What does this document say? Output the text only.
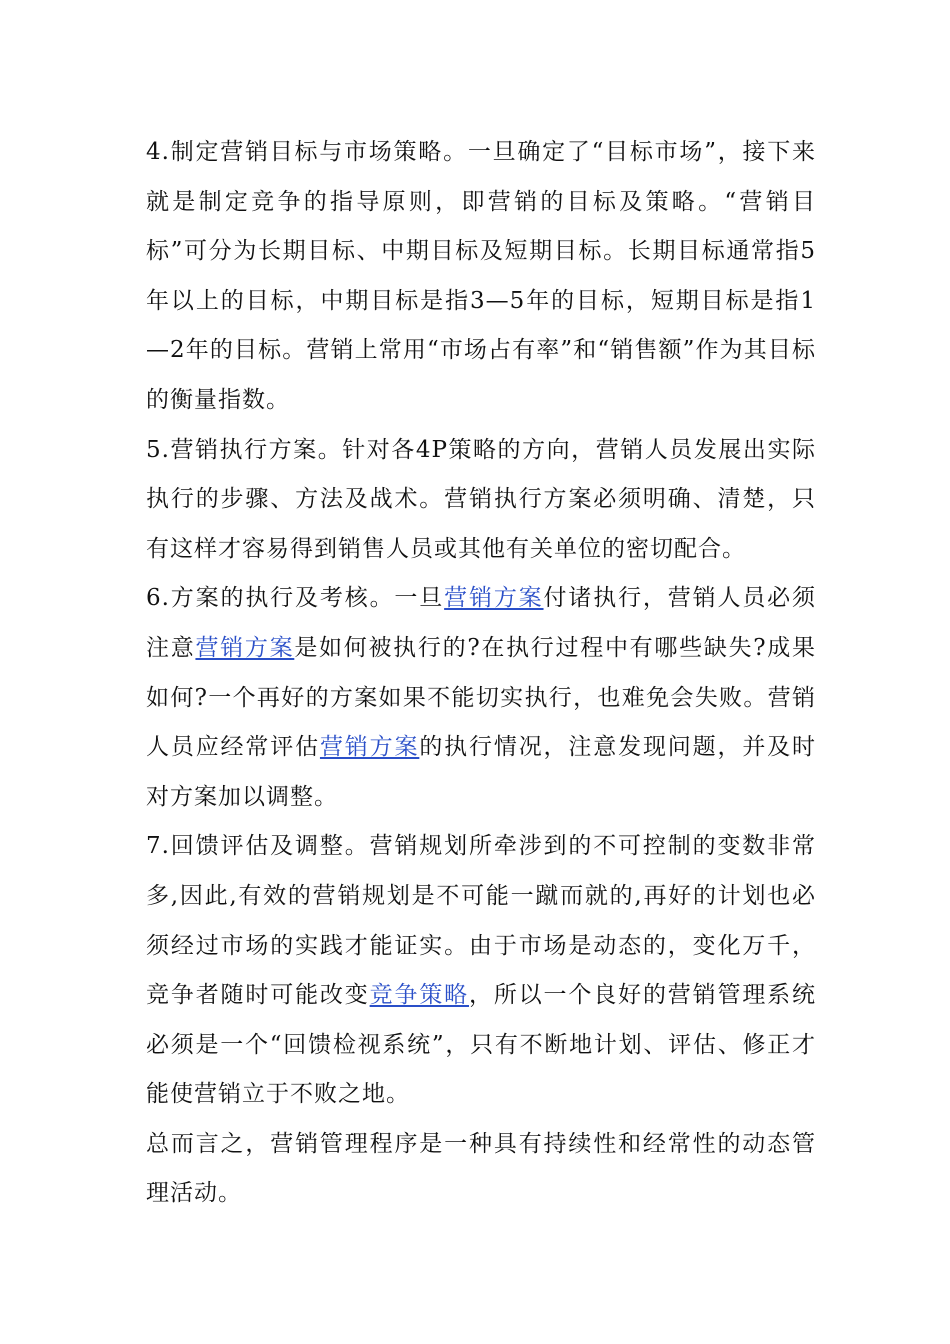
4.制定营销目标与市场策略。一旦确定了“目标市场”，接下来就是制定竞争的指导原则，即营销的目标及策略。“营销目标”可分为长期目标、中期目标及短期目标。长期目标通常指5年以上的目标，中期目标是指3—5年的目标，短期目标是指1—2年的目标。营销上常用“市场占有率”和“销售额”作为其目标的衡量指数。

5.营销执行方案。针对各4P策略的方向，营销人员发展出实际执行的步骤、方法及战术。营销执行方案必须明确、清楚，只有这样才容易得到销售人员或其他有关单位的密切配合。

6.方案的执行及考核。一旦营销方案付诸执行，营销人员必须注意营销方案是如何被执行的?在执行过程中有哪些缺失?成果如何?一个再好的方案如果不能切实执行，也难免会失败。营销人员应经常评估营销方案的执行情况，注意发现问题，并及时对方案加以调整。

7.回馈评估及调整。营销规划所牵涉到的不可控制的变数非常多,因此,有效的营销规划是不可能一蹴而就的,再好的计划也必须经过市场的实践才能证实。由于市场是动态的，变化万千，竞争者随时可能改变竞争策略，所以一个良好的营销管理系统必须是一个“回馈检视系统”，只有不断地计划、评估、修正才能使营销立于不败之地。

总而言之，营销管理程序是一种具有持续性和经常性的动态管理活动。
